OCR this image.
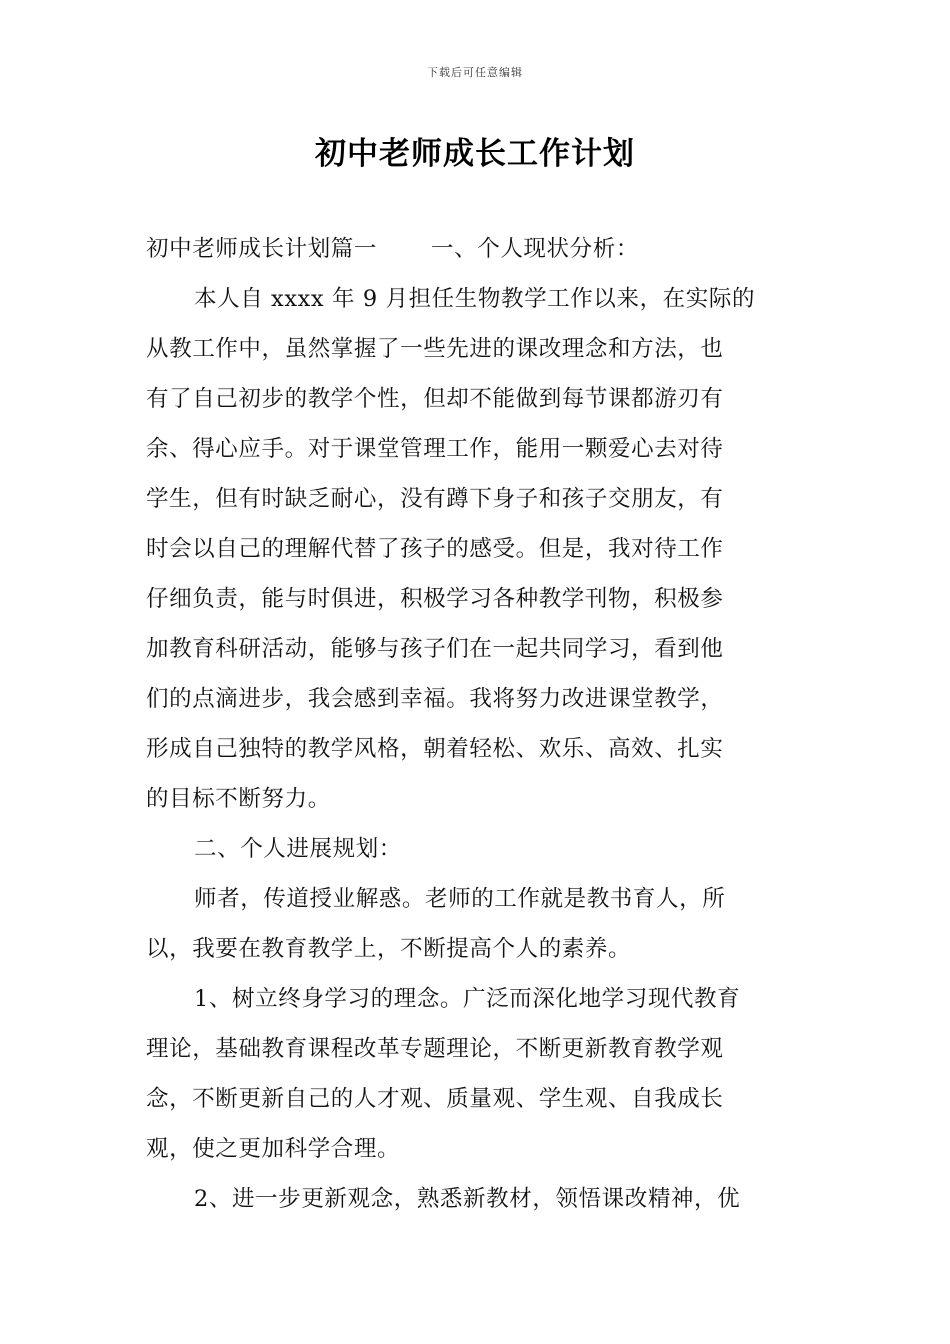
下载后可任意编辑
初中老师成长工作计划
初中老师成长计划篇一 一、个人现状分析：
本人自 xxxx 年 9 月担任生物教学工作以来，在实际的
从教工作中，虽然掌握了一些先进的课改理念和方法，也
有了自己初步的教学个性，但却不能做到每节课都游刃有
余、得心应手。对于课堂管理工作，能用一颗爱心去对待
学生，但有时缺乏耐心，没有蹲下身子和孩子交朋友，有
时会以自己的理解代替了孩子的感受。但是，我对待工作
仔细负责，能与时俱进，积极学习各种教学刊物，积极参
加教育科研活动，能够与孩子们在一起共同学习，看到他
们的点滴进步，我会感到幸福。我将努力改进课堂教学，
形成自己独特的教学风格，朝着轻松、欢乐、高效、扎实
的目标不断努力。
二、个人进展规划：
师者，传道授业解惑。老师的工作就是教书育人，所
以，我要在教育教学上，不断提高个人的素养。
1、树立终身学习的理念。广泛而深化地学习现代教育
理论，基础教育课程改革专题理论，不断更新教育教学观
念，不断更新自己的人才观、质量观、学生观、自我成长
观，使之更加科学合理。
2、进一步更新观念，熟悉新教材，领悟课改精神，优
